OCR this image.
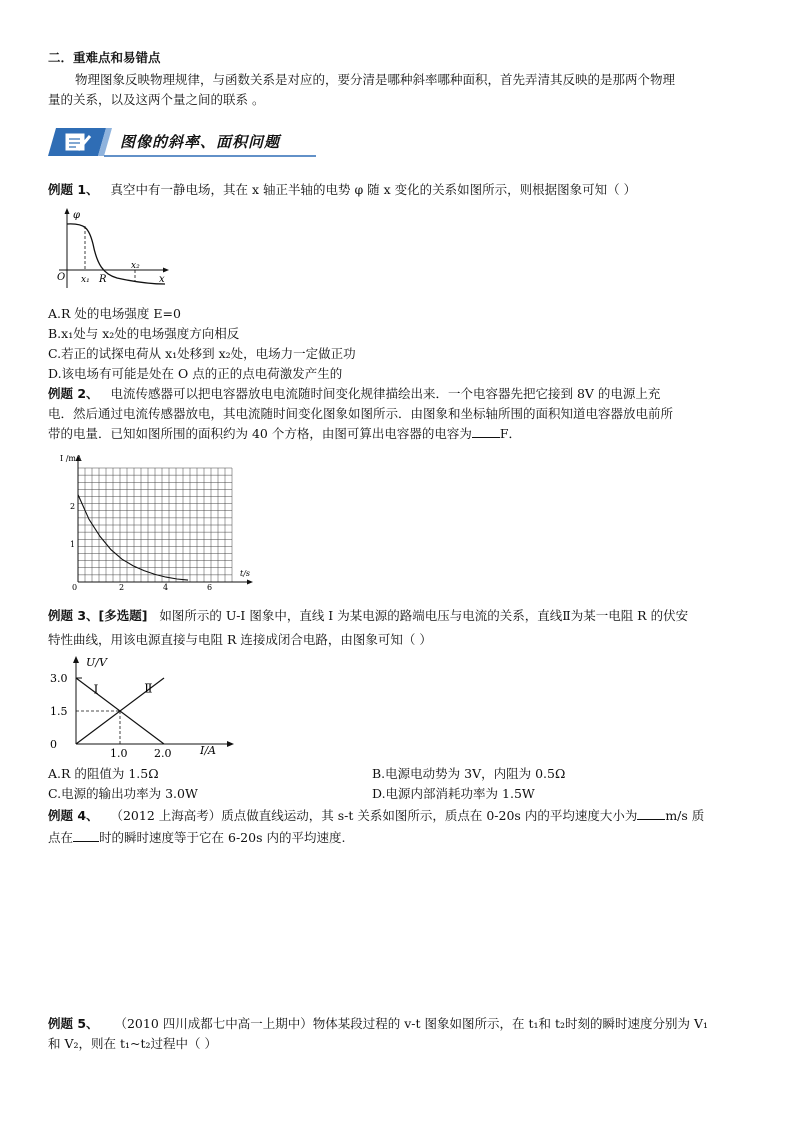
二．重难点和易错点
物理图象反映物理规律，与函数关系是对应的，要分清是哪种斜率哪种面积，首先弄清其反映的是那两个物理
量的关系，以及这两个量之间的联系 。
图像的斜率、面积问题
例题 1、 真空中有一静电场，其在 x 轴正半轴的电势 φ 随 x 变化的关系如图所示，则根据图象可知（ ）
φ
O x₁ R
x₂
x
A.R 处的电场强度 E=0
B.x₁处与 x₂处的电场强度方向相反
C.若正的试探电荷从 x₁处移到 x₂处，电场力一定做正功
D.该电场有可能是处在 O 点的正的点电荷激发产生的
例题 2、 电流传感器可以把电容器放电电流随时间变化规律描绘出来．一个电容器先把它接到 8V 的电源上充
电．然后通过电流传感器放电，其电流随时间变化图象如图所示．由图象和坐标轴所围的面积知道电容器放电前所
带的电量．已知如图所围的面积约为 40 个方格，由图可算出电容器的电容为 F．
I /mA
t/s
0	2	4	6
1
2
例题 3、[多选题] 如图所示的 U-I 图象中，直线 I 为某电源的路端电压与电流的关系，直线Ⅱ为某一电阻 R 的伏安
特性曲线，用该电源直接与电阻 R 连接成闭合电路，由图象可知（ ）
U/V
I/A
3.0
1.5
0
1.0 2.0
I	Ⅱ
A.R 的阻值为 1.5Ω	B.电源电动势为 3V，内阻为 0.5Ω
C.电源的输出功率为 3.0W	D.电源内部消耗功率为 1.5W
例题 4、 （2012 上海高考）质点做直线运动，其 s-t 关系如图所示，质点在 0-20s 内的平均速度大小为 m/s 质
点在 时的瞬时速度等于它在 6-20s 内的平均速度.
例题 5、 （2010 四川成都七中高一上期中）物体某段过程的 v-t 图象如图所示，在 t₁和 t₂时刻的瞬时速度分别为 V₁
和 V₂，则在 t₁~t₂过程中（ ）
